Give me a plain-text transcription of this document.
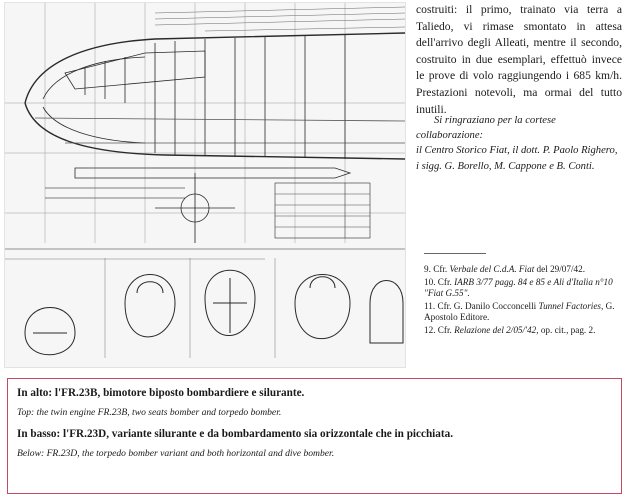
costruiti: il primo, trainato via terra a Taliedo, vi rimase smontato in attesa dell'arrivo degli Alleati, mentre il secondo, costruito in due esemplari, effettuò invece le prove di volo raggiungendo i 685 km/h. Prestazioni notevoli, ma ormai del tutto inutili.

Si ringraziano per la cortese collaborazione:
il Centro Storico Fiat, il dott. P. Paolo Righero, i sigg. G. Borello, M. Cappone e B. Conti.

9. Cfr. Verbale del C.d.A. Fiat del 29/07/42.
10. Cfr. IARB 3/77 pagg. 84 e 85 e Ali d'Italia n°10 "Fiat G.55".
11. Cfr. G. Danilo Cocconcelli Tunnel Factories, G. Apostolo Editore.
12. Cfr. Relazione del 2/05/'42, op. cit., pag. 2.

In alto: l'FR.23B, bimotore biposto bombardiere e silurante.

Top: the twin engine FR.23B, two seats bomber and torpedo bomber.

In basso: l'FR.23D, variante silurante e da bombardamento sia orizzontale che in picchiata.

Below: FR.23D, the torpedo bomber variant and both horizontal and dive bomber.
